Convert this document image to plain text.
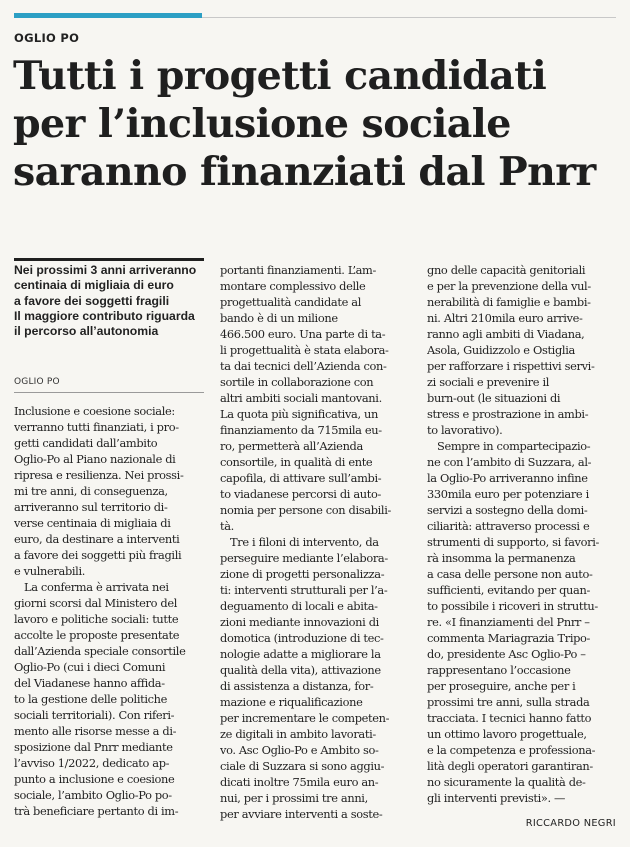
OGLIO PO
Tutti i progetti candidati
per l’inclusione sociale
saranno finanziati dal Pnrr
Nei prossimi 3 anni arriveranno
centinaia di migliaia di euro
a favore dei soggetti fragili
Il maggiore contributo riguarda
il percorso all’autonomia
OGLIO PO
Inclusione e coesione sociale:
verranno tutti finanziati, i pro-
getti candidati dall’ambito
Oglio-Po al Piano nazionale di
ripresa e resilienza. Nei prossi-
mi tre anni, di conseguenza,
arriveranno sul territorio di-
verse centinaia di migliaia di
euro, da destinare a interventi
a favore dei soggetti più fragili
e vulnerabili.
La conferma è arrivata nei
giorni scorsi dal Ministero del
lavoro e politiche sociali: tutte
accolte le proposte presentate
dall’Azienda speciale consortile
Oglio-Po (cui i dieci Comuni
del Viadanese hanno affida-
to la gestione delle politiche
sociali territoriali). Con riferi-
mento alle risorse messe a di-
sposizione dal Pnrr mediante
l’avviso 1/2022, dedicato ap-
punto a inclusione e coesione
sociale, l’ambito Oglio-Po po-
trà beneficiare pertanto di im-
portanti finanziamenti. L’am-
montare complessivo delle
progettualità candidate al
bando è di un milione
466.500 euro. Una parte di ta-
li progettualità è stata elabora-
ta dai tecnici dell’Azienda con-
sortile in collaborazione con
altri ambiti sociali mantovani.
La quota più significativa, un
finanziamento da 715mila eu-
ro, permetterà all’Azienda
consortile, in qualità di ente
capofila, di attivare sull’ambi-
to viadanese percorsi di auto-
nomia per persone con disabili-
tà.
Tre i filoni di intervento, da
perseguire mediante l’elabora-
zione di progetti personalizza-
ti: interventi strutturali per l’a-
deguamento di locali e abita-
zioni mediante innovazioni di
domotica (introduzione di tec-
nologie adatte a migliorare la
qualità della vita), attivazione
di assistenza a distanza, for-
mazione e riqualificazione
per incrementare le competen-
ze digitali in ambito lavorati-
vo. Asc Oglio-Po e Ambito so-
ciale di Suzzara si sono aggiu-
dicati inoltre 75mila euro an-
nui, per i prossimi tre anni,
per avviare interventi a soste-
gno delle capacità genitoriali
e per la prevenzione della vul-
nerabilità di famiglie e bambi-
ni. Altri 210mila euro arrive-
ranno agli ambiti di Viadana,
Asola, Guidizzolo e Ostiglia
per rafforzare i rispettivi servi-
zi sociali e prevenire il
burn-out (le situazioni di
stress e prostrazione in ambi-
to lavorativo).
Sempre in compartecipazio-
ne con l’ambito di Suzzara, al-
la Oglio-Po arriveranno infine
330mila euro per potenziare i
servizi a sostegno della domi-
ciliarità: attraverso processi e
strumenti di supporto, si favori-
rà insomma la permanenza
a casa delle persone non auto-
sufficienti, evitando per quan-
to possibile i ricoveri in struttu-
re. «I finanziamenti del Pnrr –
commenta Mariagrazia Tripo-
do, presidente Asc Oglio-Po –
rappresentano l’occasione
per proseguire, anche per i
prossimi tre anni, sulla strada
tracciata. I tecnici hanno fatto
un ottimo lavoro progettuale,
e la competenza e professiona-
lità degli operatori garantiran-
no sicuramente la qualità de-
gli interventi previsti». —
RICCARDO NEGRI
